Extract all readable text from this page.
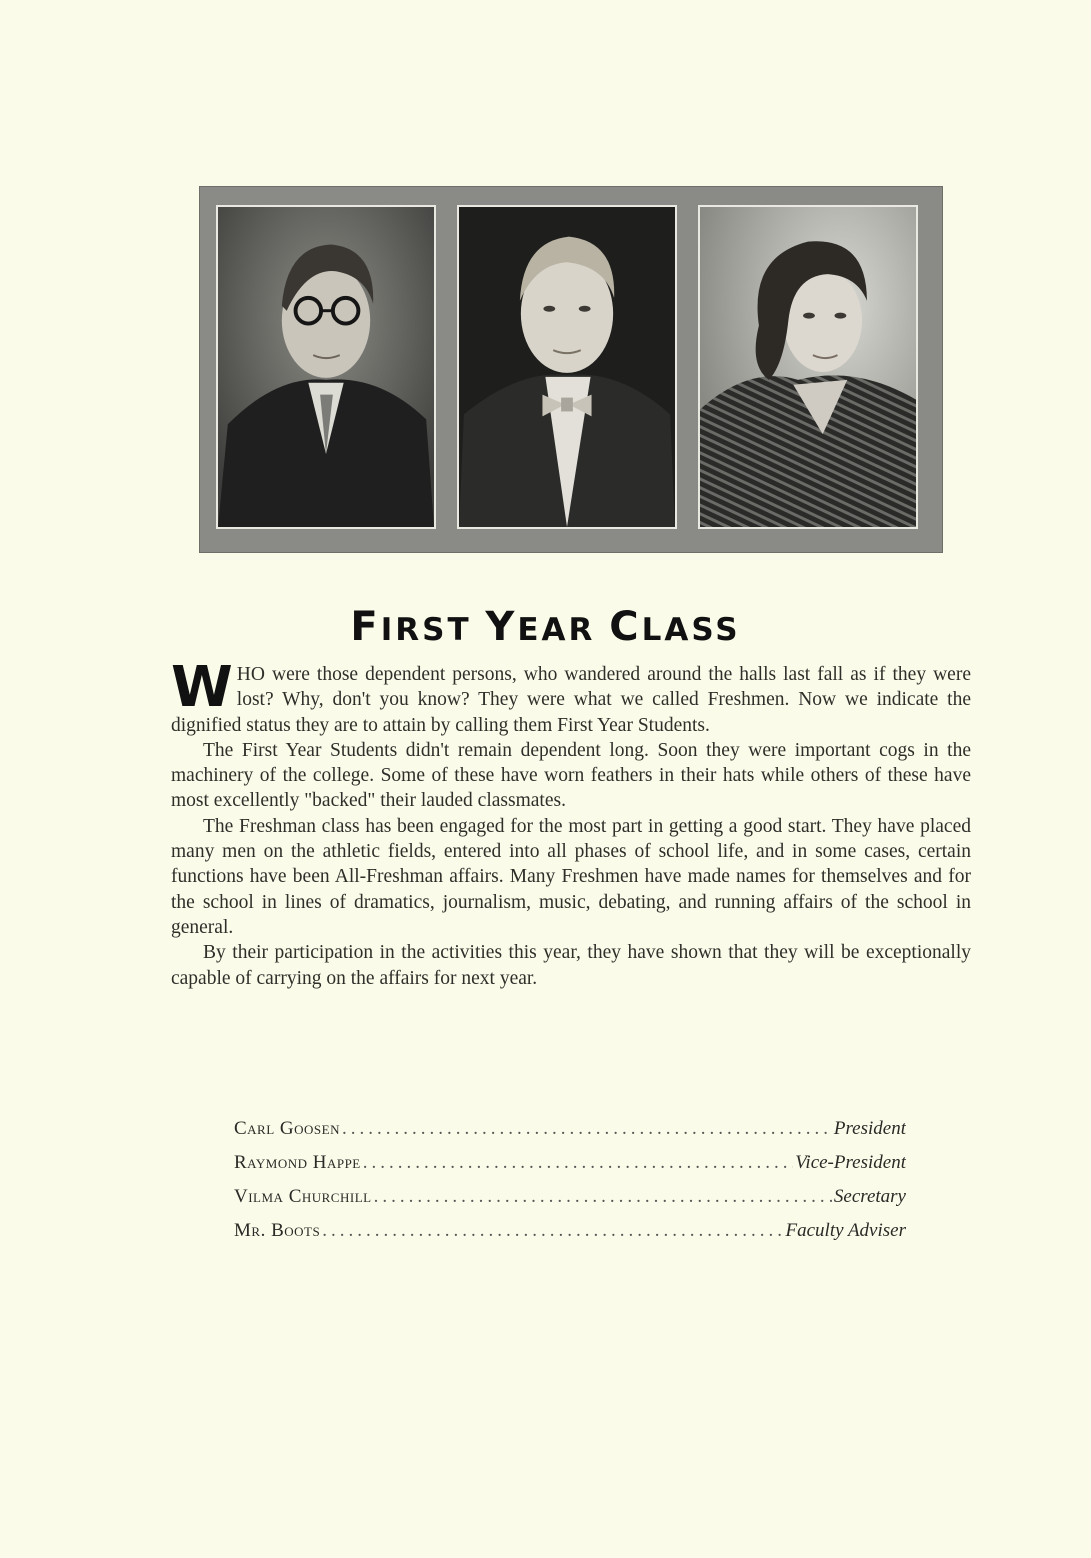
FIRST YEAR CLASS

WHO were those dependent persons, who wandered around the halls last fall as if they were lost? Why, don't you know? They were what we called Freshmen. Now we indicate the dignified status they are to attain by calling them First Year Students.

The First Year Students didn't remain dependent long. Soon they were important cogs in the machinery of the college. Some of these have worn feathers in their hats while others of these have most excellently "backed" their lauded classmates.

The Freshman class has been engaged for the most part in getting a good start. They have placed many men on the athletic fields, entered into all phases of school life, and in some cases, certain functions have been All-Freshman affairs. Many Freshmen have made names for themselves and for the school in lines of dramatics, journalism, music, debating, and running affairs of the school in general.

By their participation in the activities this year, they have shown that they will be exceptionally capable of carrying on the affairs for next year.

Carl Goosen .....	President
Raymond Happe .....	Vice-President
Vilma Churchill .....	Secretary
Mr. Boots .....	Faculty Adviser
